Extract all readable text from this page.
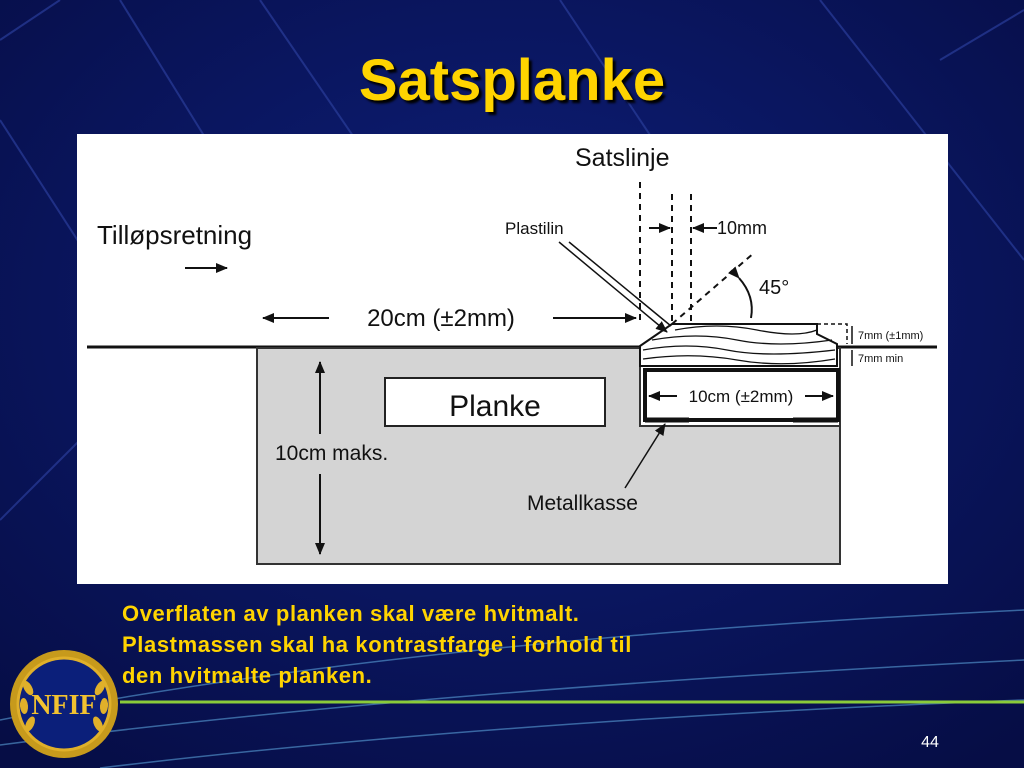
Satsplanke
Planke
10cm maks.
10cm (±2mm)
Satslinje
10mm
45°
Plastilin
7mm (±1mm)
7mm min
Tilløpsretning
20cm (±2mm)
Metallkasse
Overflaten av planken skal være hvitmalt.
Plastmassen skal ha kontrastfarge i forhold til
den hvitmalte planken.
NFIF
44
